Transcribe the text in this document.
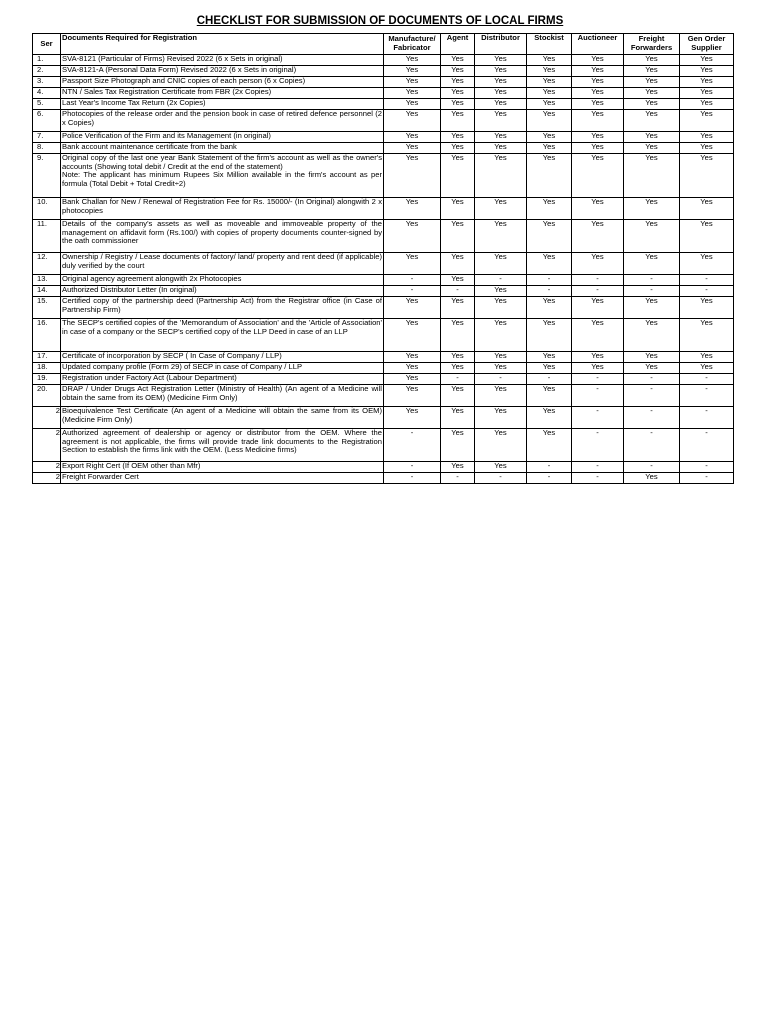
CHECKLIST FOR SUBMISSION OF DOCUMENTS OF LOCAL FIRMS
Ser	Documents Required for Registration	Manufacture/ Fabricator	Agent	Distributor	Stockist	Auctioneer	Freight Forwarders	Gen Order Supplier
1.	SVA-8121 (Particular of Firms) Revised 2022 (6 x Sets in original)	Yes	Yes	Yes	Yes	Yes	Yes	Yes
2.	SVA-8121-A (Personal Data Form) Revised 2022 (6 x Sets in original)	Yes	Yes	Yes	Yes	Yes	Yes	Yes
3.	Passport Size Photograph and CNIC copies of each person (6 x Copies)	Yes	Yes	Yes	Yes	Yes	Yes	Yes
4.	NTN / Sales Tax Registration Certificate from FBR (2x Copies)	Yes	Yes	Yes	Yes	Yes	Yes	Yes
5.	Last Year's Income Tax Return (2x Copies)	Yes	Yes	Yes	Yes	Yes	Yes	Yes
6.	Photocopies of the release order and the pension book in case of retired defence personnel (2 x Copies)	Yes	Yes	Yes	Yes	Yes	Yes	Yes
7.	Police Verification of the Firm and its Management (in original)	Yes	Yes	Yes	Yes	Yes	Yes	Yes
8.	Bank account maintenance certificate from the bank	Yes	Yes	Yes	Yes	Yes	Yes	Yes
9.	Original copy of the last one year Bank Statement of the firm's account as well as the owner's accounts (Showing total debit / Credit at the end of the statement)
Note: The applicant has minimum Rupees Six Million available in the firm's account as per formula (Total Debit + Total Credit÷2)	Yes	Yes	Yes	Yes	Yes	Yes	Yes
10.	Bank Challan for New / Renewal of Registration Fee for Rs. 15000/- (In Original) alongwith 2 x photocopies	Yes	Yes	Yes	Yes	Yes	Yes	Yes
11.	Details of the company's assets as well as moveable and immoveable property of the management on affidavit form (Rs.100/) with copies of property documents counter-signed by the oath commissioner	Yes	Yes	Yes	Yes	Yes	Yes	Yes
12.	Ownership / Registry / Lease documents of factory/ land/ property and rent deed (if applicable) duly verified by the court	Yes	Yes	Yes	Yes	Yes	Yes	Yes
13.	Original agency agreement alongwith 2x Photocopies	-	Yes	-	-	-	-	-
14.	Authorized Distributor Letter (In original)	-	-	Yes	-	-	-	-
15.	Certified copy of the partnership deed (Partnership Act) from the Registrar office (in Case of Partnership Firm)	Yes	Yes	Yes	Yes	Yes	Yes	Yes
16.	The SECP's certified copies of the 'Memorandum of Association' and the 'Article of Association' in case of a company or the SECP's certified copy of the LLP Deed in case of an LLP	Yes	Yes	Yes	Yes	Yes	Yes	Yes
17.	Certificate of incorporation by SECP ( In Case of Company / LLP)	Yes	Yes	Yes	Yes	Yes	Yes	Yes
18.	Updated company profile (Form 29) of SECP in case of Company / LLP	Yes	Yes	Yes	Yes	Yes	Yes	Yes
19.	Registration under Factory Act (Labour Department)	Yes	-	-	-	-	-	-
20.	DRAP / Under Drugs Act Registration Letter (Ministry of Health) (An agent of a Medicine will obtain the same from its OEM) (Medicine Firm Only)	Yes	Yes	Yes	Yes	-	-	-
2	Bioequivalence Test Certificate (An agent of a Medicine will obtain the same from its OEM) (Medicine Firm Only)	Yes	Yes	Yes	Yes	-	-	-
2	Authorized agreement of dealership or agency or distributor from the OEM. Where the agreement is not applicable, the firms will provide trade link documents to the Registration Section to establish the firms link with the OEM. (Less Medicine firms)	-	Yes	Yes	Yes	-	-	-
2	Export Right Cert (If OEM other than Mfr)	-	Yes	Yes	-	-	-	-
2	Freight Forwarder Cert	-	-	-	-	-	Yes	-
